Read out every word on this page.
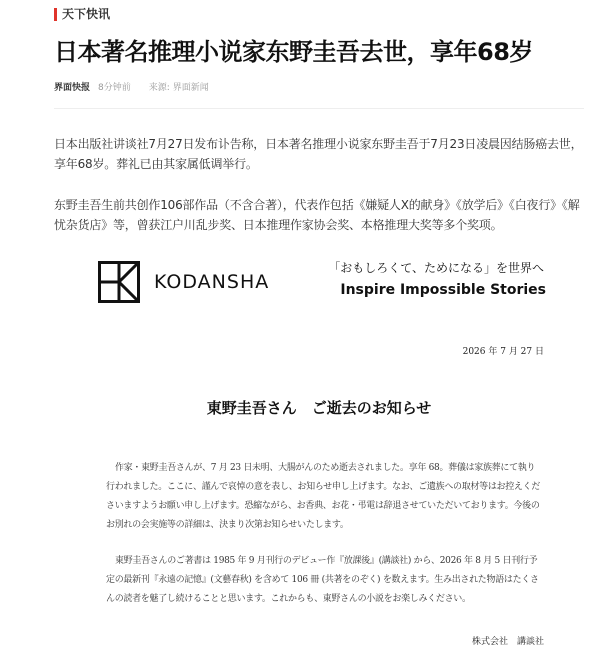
天下快讯
日本著名推理小说家东野圭吾去世，享年68岁
界面快报 8分钟前 来源: 界面新闻

日本出版社讲谈社7月27日发布讣告称，日本著名推理小说家东野圭吾于7月23日凌晨因结肠癌去世，享年68岁。葬礼已由其家属低调举行。

东野圭吾生前共创作106部作品（不含合著），代表作包括《嫌疑人X的献身》《放学后》《白夜行》《解忧杂货店》等，曾获江户川乱步奖、日本推理作家协会奖、本格推理大奖等多个奖项。

KODANSHA
「おもしろくて、ためになる」を世界へ
Inspire Impossible Stories
2026 年 7 月 27 日
東野圭吾さん　ご逝去のお知らせ

作家・東野圭吾さんが、7 月 23 日未明、大腸がんのため逝去されました。享年 68。葬儀は家族葬にて執り行われました。ここに、謹んで哀悼の意を表し、お知らせ申し上げます。なお、ご遺族への取材等はお控えくださいますようお願い申し上げます。恐縮ながら、お香典、お花・弔電は辞退させていただいております。今後のお別れの会実施等の詳細は、決まり次第お知らせいたします。

東野圭吾さんのご著書は 1985 年 9 月刊行のデビュー作『放課後』(講談社) から、2026 年 8 月 5 日刊行予定の最新刊『永遠の記憶』(文藝春秋) を含めて 106 冊 (共著をのぞく) を数えます。生み出された物語はたくさんの読者を魅了し続けることと思います。これからも、東野さんの小説をお楽しみください。

株式会社　講談社
